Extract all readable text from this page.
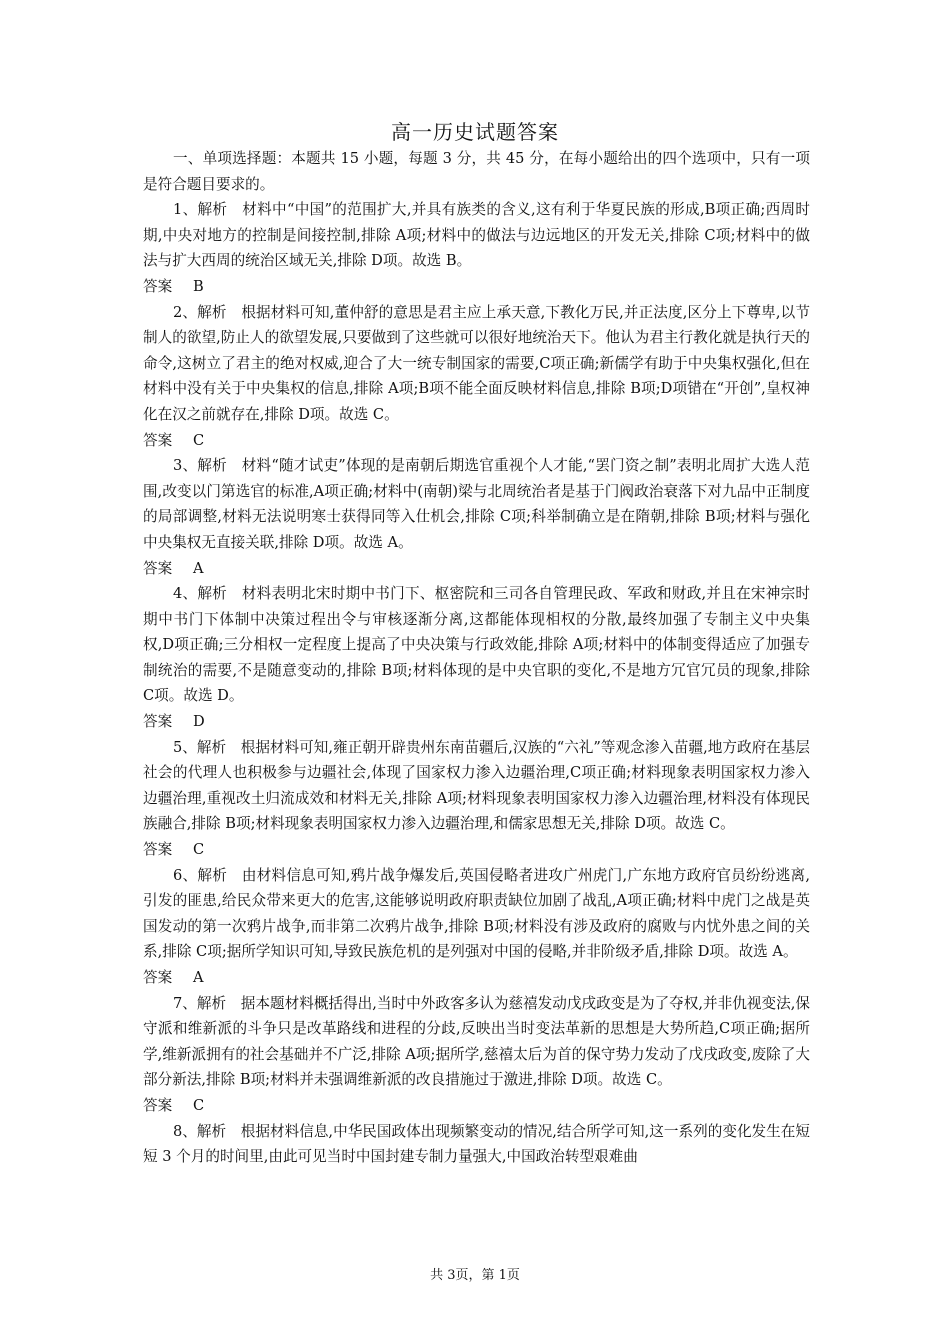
高一历史试题答案

一、单项选择题：本题共 15 小题，每题 3 分，共 45 分，在每小题给出的四个选项中，只有一项是符合题目要求的。

1、解析　材料中“中国”的范围扩大,并具有族类的含义,这有利于华夏民族的形成,B项正确;西周时期,中央对地方的控制是间接控制,排除 A项;材料中的做法与边远地区的开发无关,排除 C项;材料中的做法与扩大西周的统治区域无关,排除 D项。故选 B。

答案 B

2、解析　根据材料可知,董仲舒的意思是君主应上承天意,下教化万民,并正法度,区分上下尊卑,以节制人的欲望,防止人的欲望发展,只要做到了这些就可以很好地统治天下。他认为君主行教化就是执行天的命令,这树立了君主的绝对权威,迎合了大一统专制国家的需要,C项正确;新儒学有助于中央集权强化,但在材料中没有关于中央集权的信息,排除 A项;B项不能全面反映材料信息,排除 B项;D项错在“开创”,皇权神化在汉之前就存在,排除 D项。故选 C。

答案 C

3、解析　材料“随才试吏”体现的是南朝后期选官重视个人才能,“罢门资之制”表明北周扩大选人范围,改变以门第选官的标准,A项正确;材料中(南朝)梁与北周统治者是基于门阀政治衰落下对九品中正制度的局部调整,材料无法说明寒士获得同等入仕机会,排除 C项;科举制确立是在隋朝,排除 B项;材料与强化中央集权无直接关联,排除 D项。故选 A。

答案 A

4、解析　材料表明北宋时期中书门下、枢密院和三司各自管理民政、军政和财政,并且在宋神宗时期中书门下体制中决策过程出令与审核逐渐分离,这都能体现相权的分散,最终加强了专制主义中央集权,D项正确;三分相权一定程度上提高了中央决策与行政效能,排除 A项;材料中的体制变得适应了加强专制统治的需要,不是随意变动的,排除 B项;材料体现的是中央官职的变化,不是地方冗官冗员的现象,排除 C项。故选 D。

答案 D

5、解析　根据材料可知,雍正朝开辟贵州东南苗疆后,汉族的“六礼”等观念渗入苗疆,地方政府在基层社会的代理人也积极参与边疆社会,体现了国家权力渗入边疆治理,C项正确;材料现象表明国家权力渗入边疆治理,重视改土归流成效和材料无关,排除 A项;材料现象表明国家权力渗入边疆治理,材料没有体现民族融合,排除 B项;材料现象表明国家权力渗入边疆治理,和儒家思想无关,排除 D项。故选 C。

答案 C

6、解析　由材料信息可知,鸦片战争爆发后,英国侵略者进攻广州虎门,广东地方政府官员纷纷逃离,引发的匪患,给民众带来更大的危害,这能够说明政府职责缺位加剧了战乱,A项正确;材料中虎门之战是英国发动的第一次鸦片战争,而非第二次鸦片战争,排除 B项;材料没有涉及政府的腐败与内忧外患之间的关系,排除 C项;据所学知识可知,导致民族危机的是列强对中国的侵略,并非阶级矛盾,排除 D项。故选 A。

答案 A

7、解析　据本题材料概括得出,当时中外政客多认为慈禧发动戊戌政变是为了夺权,并非仇视变法,保守派和维新派的斗争只是改革路线和进程的分歧,反映出当时变法革新的思想是大势所趋,C项正确;据所学,维新派拥有的社会基础并不广泛,排除 A项;据所学,慈禧太后为首的保守势力发动了戊戌政变,废除了大部分新法,排除 B项;材料并未强调维新派的改良措施过于激进,排除 D项。故选 C。

答案 C

8、解析　根据材料信息,中华民国政体出现频繁变动的情况,结合所学可知,这一系列的变化发生在短短 3 个月的时间里,由此可见当时中国封建专制力量强大,中国政治转型艰难曲

共 3页，第 1页
